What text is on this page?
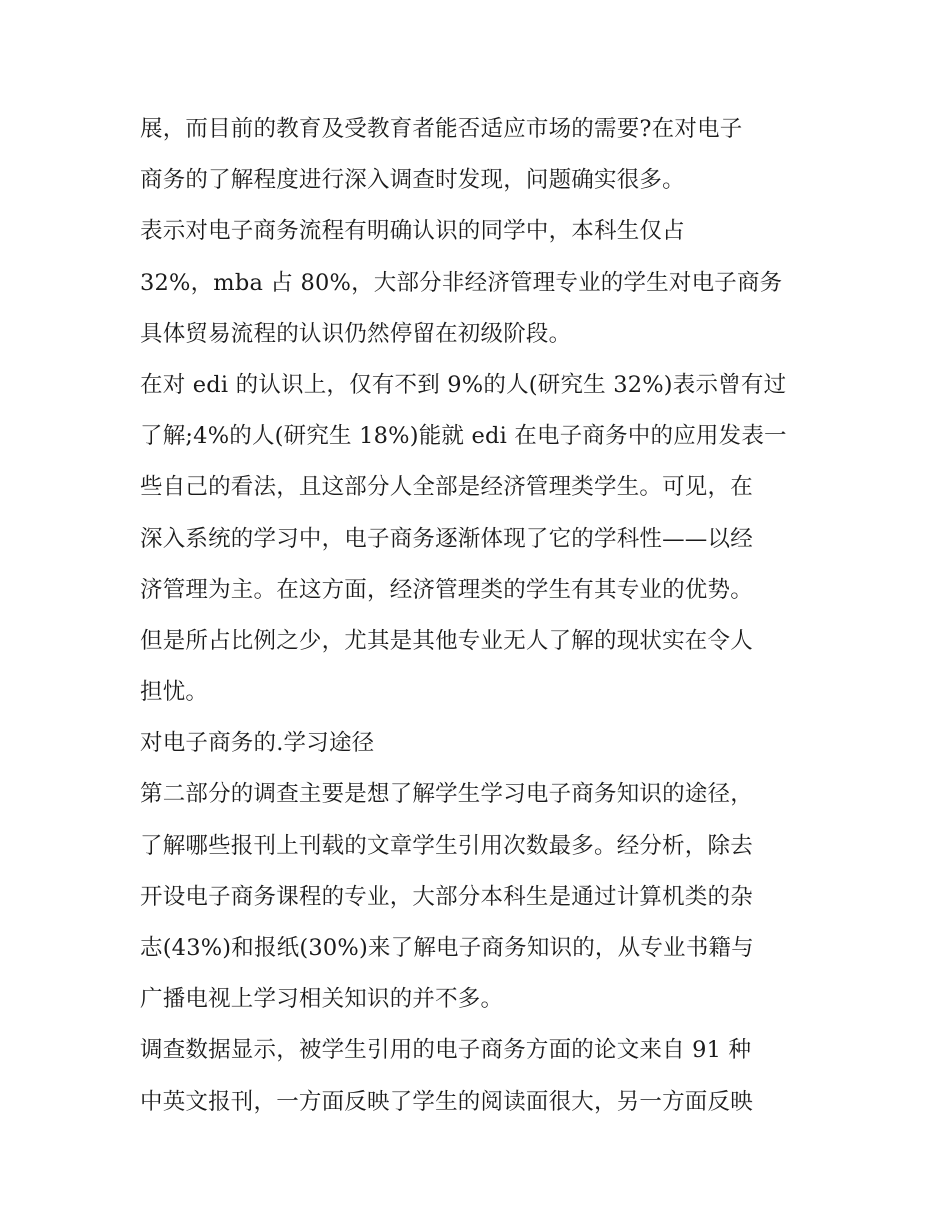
展，而目前的教育及受教育者能否适应市场的需要?在对电子
商务的了解程度进行深入调查时发现，问题确实很多。
表示对电子商务流程有明确认识的同学中，本科生仅占
32%，mba 占 80%，大部分非经济管理专业的学生对电子商务
具体贸易流程的认识仍然停留在初级阶段。
在对 edi 的认识上，仅有不到 9%的人(研究生 32%)表示曾有过
了解;4%的人(研究生 18%)能就 edi 在电子商务中的应用发表一
些自己的看法，且这部分人全部是经济管理类学生。可见，在
深入系统的学习中，电子商务逐渐体现了它的学科性——以经
济管理为主。在这方面，经济管理类的学生有其专业的优势。
但是所占比例之少，尤其是其他专业无人了解的现状实在令人
担忧。
对电子商务的.学习途径
第二部分的调查主要是想了解学生学习电子商务知识的途径，
了解哪些报刊上刊载的文章学生引用次数最多。经分析，除去
开设电子商务课程的专业，大部分本科生是通过计算机类的杂
志(43%)和报纸(30%)来了解电子商务知识的，从专业书籍与
广播电视上学习相关知识的并不多。
调查数据显示，被学生引用的电子商务方面的论文来自 91 种
中英文报刊，一方面反映了学生的阅读面很大，另一方面反映
